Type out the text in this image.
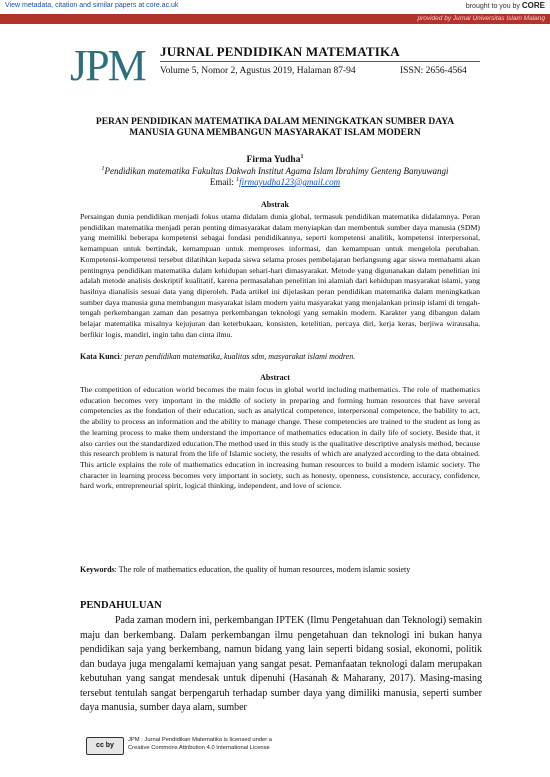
View metadata, citation and similar papers at core.ac.uk	brought to you by CORE
provided by Jurnal Universitas Islam Malang
JPM	JURNAL PENDIDIKAN MATEMATIKA
Volume 5, Nomor 2, Agustus 2019, Halaman 87-94	ISSN: 2656-4564
PERAN PENDIDIKAN MATEMATIKA DALAM MENINGKATKAN SUMBER DAYA
MANUSIA GUNA MEMBANGUN MASYARAKAT ISLAM MODERN
Firma Yudha$^1$
$^1$Pendidikan matematika Fakultas Dakwah Institut Agama Islam Ibrahimy Genteng Banyuwangi
Email: $^1$firmayudha123@gmail.com
Abstrak
Persaingan dunia pendidikan menjadi fokus utama didalam dunia global, termasuk pendidikan matematika didalamnya. Peran pendidikan matematika menjadi peran penting dimasyarakat dalam menyiapkan dan membentuk sumber daya manusia (SDM) yang memiliki beberapa kompetensi sebagai fondasi pendidikannya, seperti kompetensi analitik, kompetensi interpersonal, kemampuan untuk bertindak, kemampuan untuk memproses informasi, dan kemampuan untuk mengelola perubahan. Kompetensi-kompetensi tersebut dilatihkan kepada siswa selama proses pembelajaran berlangsung agar siswa memahami akan pentingnya pendidikan matematika dalam kehidupan sehari-hari dimasyarakat. Metode yang digunanakan dalam penelitian ini adalah metode analisis deskriptif kualitatif, karena permasalahan penelitian ini alamiah dari kehidupan masyarakat islami, yang hasilnya dianalisis sesuai data yang diperoleh. Pada artikel ini dijelaskan peran pendidikan matematika dalam meningkatkan sumber daya manusia guna membangun masyarakat islam modern yaitu masyarakat yang menjalankan prinsip islami di tengah-tengah perkembangan zaman dan pesatnya perkembangan teknologi yang semakin modern. Karakter yang dibangun dalam belajar matematika misalnya kejujuran dan keterbukaan, konsisten, ketelitian, percaya diri, kerja keras, berjiwa wirausaha, berfikir logis, mandiri, ingin tahu dan cinta ilmu.
Kata Kunci: peran pendidikan matematika, kualitas sdm, masyarakat islami modren.
Abstract
The competition of education world becomes the main focus in global world including mathematics. The role of mathematics education becomes very important in the middle of society in preparing and forming human resources that have several competencies as the fondation of their education, such as analytical competence, interpersonal competence, the bability to act, the ability to process an information and the ability to manage change. These competencies are trained to the student as long as the learning process to make them understand the importance of mathematics education in daily life of society. Beside that, it also carries out the standardized education.The method used in this study is the qualitative descriptive analysis method, because this research problem is natural from the life of Islamic society, the results of which are analyzed according to the data obtained. This article explains the role of mathematics education in increasing human resources to build a modern islamic society. The character in learning process becomes very important in society, such as honesty, openness, consistence, accuracy, confidence, hard work, entrepreneurial spirit, logical thinking, independent, and love of science.
Keywords: The role of mathematics education, the quality of human resources, modern islamic sosiety
PENDAHULUAN
Pada zaman modern ini, perkembangan IPTEK (Ilmu Pengetahuan dan Teknologi) semakin maju dan berkembang. Dalam perkembangan ilmu pengetahuan dan teknologi ini bukan hanya pendidikan saja yang berkembang, namun bidang yang lain seperti bidang sosial, ekonomi, politik dan budaya juga mengalami kemajuan yang sangat pesat. Pemanfaatan teknologi dalam merupakan kebutuhan yang sangat mendesak untuk dipenuhi (Hasanah & Maharany, 2017). Masing-masing tersebut tentulah sangat berpengaruh terhadap sumber daya yang dimiliki manusia, seperti sumber daya manusia, sumber daya alam, sumber
cc by
JPM : Jurnal Pendidikan Matematika is licensed under a
Creative Commons Attribution 4.0 International License
